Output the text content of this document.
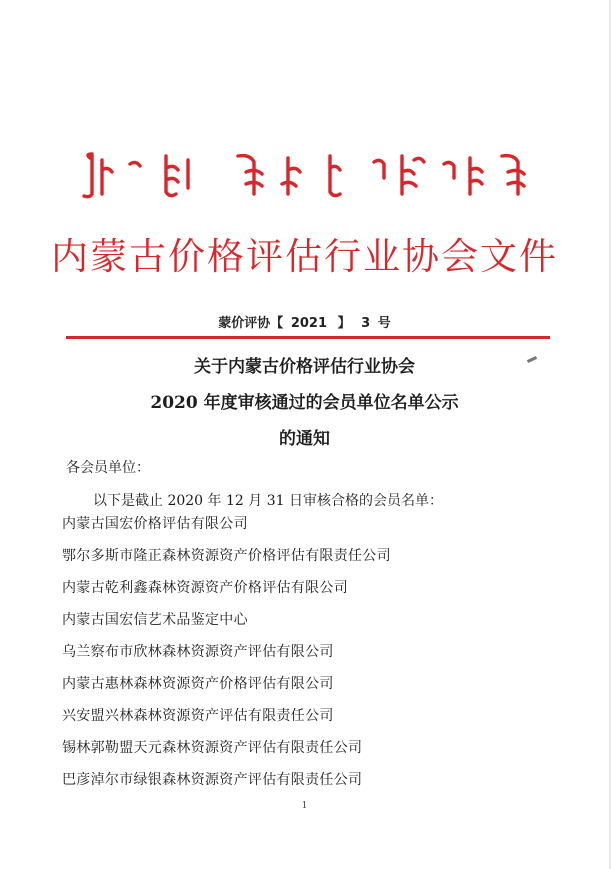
内蒙古价格评估行业协会文件
蒙价评协【 2021 】 3 号
关于内蒙古价格评估行业协会
2020 年度审核通过的会员单位名单公示
的通知
各会员单位：
以下是截止 2020 年 12 月 31 日审核合格的会员名单：
内蒙古国宏价格评估有限公司
鄂尔多斯市隆正森林资源资产价格评估有限责任公司
内蒙古乾利鑫森林资源资产价格评估有限公司
内蒙古国宏信艺术品鉴定中心
乌兰察布市欣林森林资源资产评估有限公司
内蒙古惠林森林资源资产价格评估有限公司
兴安盟兴林森林资源资产评估有限责任公司
锡林郭勒盟天元森林资源资产评估有限责任公司
巴彦淖尔市绿银森林资源资产评估有限责任公司
1
